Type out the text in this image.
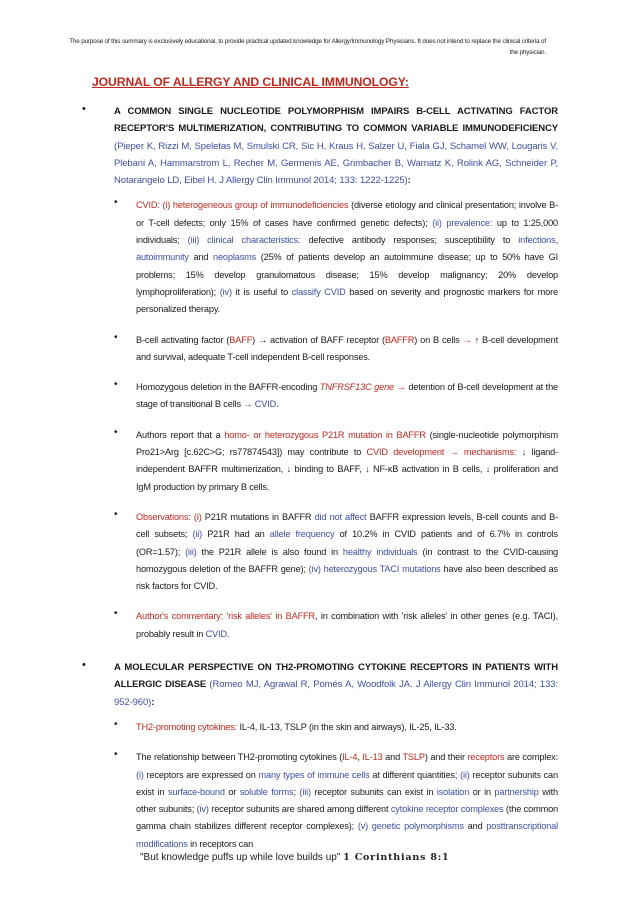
The purpose of this summary is exclusively educational, to provide practical updated knowledge for Allergy/Immunology Physicians. It does not intend to replace the clinical criteria of the physician.
JOURNAL OF ALLERGY AND CLINICAL IMMUNOLOGY:
•	A COMMON SINGLE NUCLEOTIDE POLYMORPHISM IMPAIRS B-CELL ACTIVATING FACTOR RECEPTOR'S MULTIMERIZATION, CONTRIBUTING TO COMMON VARIABLE IMMUNODEFICIENCY (Pieper K, Rizzi M, Speletas M, Smulski CR, Sic H, Kraus H, Salzer U, Fiala GJ, Schamel WW, Lougaris V, Plebani A, Hammarstrom L, Recher M, Germenis AE, Grimbacher B, Warnatz K, Rolink AG, Schneider P, Notarangelo LD, Eibel H. J Allergy Clin Immunol 2014; 133: 1222-1225):
• CVID: (i) heterogeneous group of immunodeficiencies (diverse etiology and clinical presentation; involve B- or T-cell defects; only 15% of cases have confirmed genetic defects); (ii) prevalence: up to 1:25,000 individuals; (iii) clinical characteristics: defective antibody responses; susceptibility to infections, autoimmunity and neoplasms (25% of patients develop an autoimmune disease; up to 50% have GI problems; 15% develop granulomatous disease; 15% develop malignancy; 20% develop lymphoproliferation); (iv) it is useful to classify CVID based on severity and prognostic markers for more personalized therapy.
• B-cell activating factor (BAFF) → activation of BAFF receptor (BAFFR) on B cells → ↑ B-cell development and survival, adequate T-cell independent B-cell responses.
• Homozygous deletion in the BAFFR-encoding TNFRSF13C gene → detention of B-cell development at the stage of transitional B cells → CVID.
• Authors report that a homo- or heterozygous P21R mutation in BAFFR (single-nucleotide polymorphism Pro21>Arg [c.62C>G; rs77874543]) may contribute to CVID development → mechanisms: ↓ ligand-independent BAFFR multimerization, ↓ binding to BAFF, ↓ NF-κB activation in B cells, ↓ proliferation and IgM production by primary B cells.
• Observations: (i) P21R mutations in BAFFR did not affect BAFFR expression levels, B-cell counts and B-cell subsets; (ii) P21R had an allele frequency of 10.2% in CVID patients and of 6.7% in controls (OR=1.57); (iii) the P21R allele is also found in healthy individuals (in contrast to the CVID-causing homozygous deletion of the BAFFR gene); (iv) heterozygous TACI mutations have also been described as risk factors for CVID.
• Author's commentary: 'risk alleles' in BAFFR, in combination with 'risk alleles' in other genes (e.g. TACI), probably result in CVID.
•	A MOLECULAR PERSPECTIVE ON TH2-PROMOTING CYTOKINE RECEPTORS IN PATIENTS WITH ALLERGIC DISEASE (Romeo MJ, Agrawal R, Pomés A, Woodfolk JA. J Allergy Clin Immunol 2014; 133: 952-960):
• TH2-promoting cytokines: IL-4, IL-13, TSLP (in the skin and airways), IL-25, IL-33.
• The relationship between TH2-promoting cytokines (IL-4, IL-13 and TSLP) and their receptors are complex: (i) receptors are expressed on many types of immune cells at different quantities; (ii) receptor subunits can exist in surface-bound or soluble forms; (iii) receptor subunits can exist in isolation or in partnership with other subunits; (iv) receptor subunits are shared among different cytokine receptor complexes (the common gamma chain stabilizes different receptor complexes); (v) genetic polymorphisms and posttranscriptional modifications in receptors can
"But knowledge puffs up while love builds up" 1 Corinthians 8:1
